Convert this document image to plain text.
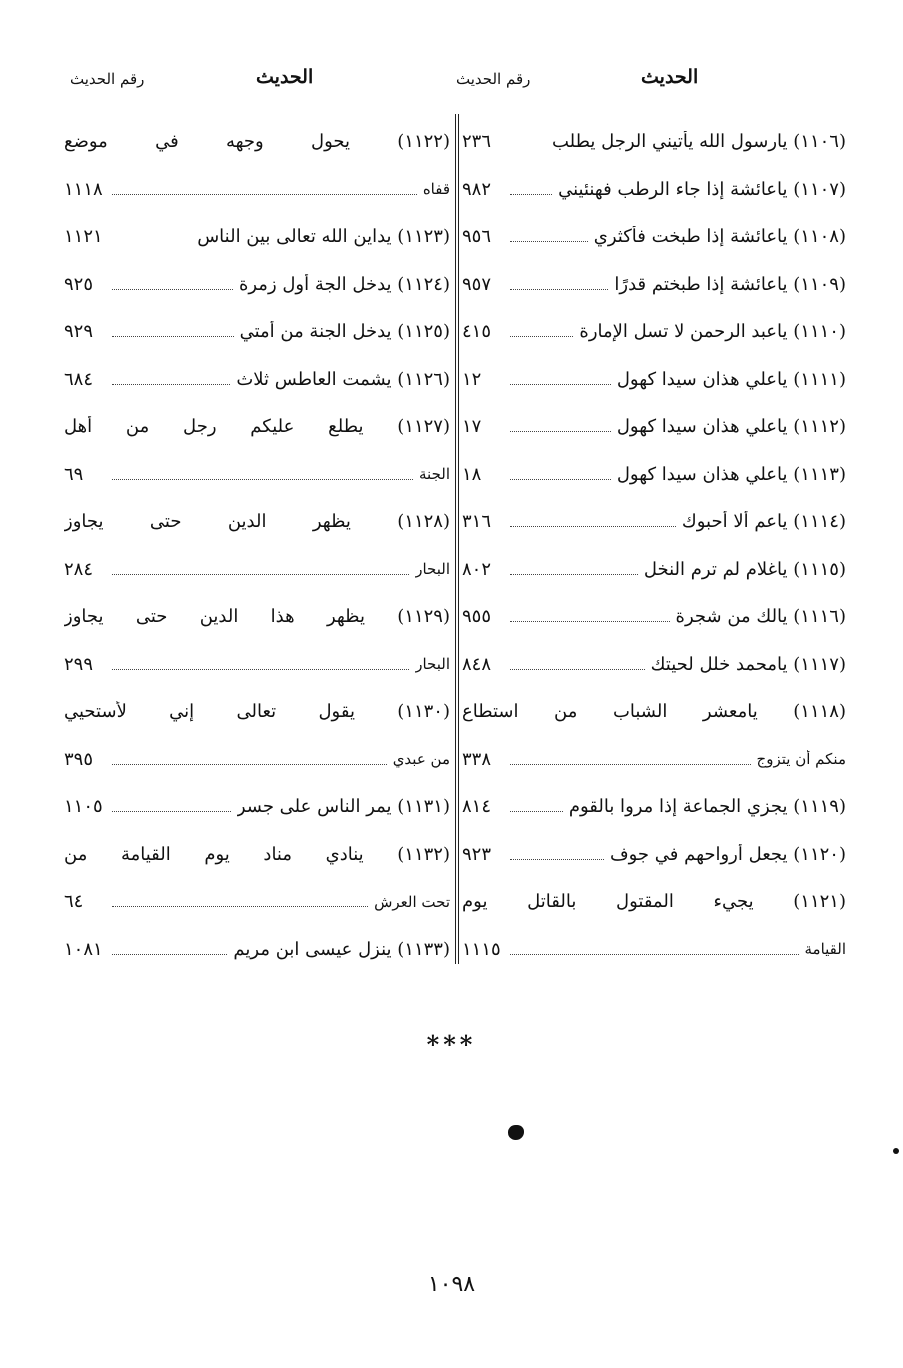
الحديث
رقم الحديث
الحديث
رقم الحديث
(١١٠٦) يارسول الله يأتيني الرجل يطلب
٢٣٦
(١١٠٧) ياعائشة إذا جاء الرطب فهنئيني
٩٨٢
(١١٠٨) ياعائشة إذا طبخت فأكثري
٩٥٦
(١١٠٩) ياعائشة إذا طبختم قدرًا
٩٥٧
(١١١٠) ياعبد الرحمن لا تسل الإمارة
٤١٥
(١١١١) ياعلي هذان سيدا كهول
١٢
(١١١٢) ياعلي هذان سيدا كهول
١٧
(١١١٣) ياعلي هذان سيدا كهول
١٨
(١١١٤) ياعم ألا أحبوك
٣١٦
(١١١٥) ياغلام لم ترم النخل
٨٠٢
(١١١٦) يالك من شجرة
٩٥٥
(١١١٧) يامحمد خلل لحيتك
٨٤٨
(١١١٨) يامعشر الشباب من استطاع
منكم أن يتزوج
٣٣٨
(١١١٩) يجزي الجماعة إذا مروا بالقوم
٨١٤
(١١٢٠) يجعل أرواحهم في جوف
٩٢٣
(١١٢١) يجيء المقتول بالقاتل يوم
القيامة
١١١٥
(١١٢٢) يحول وجهه في موضع
قفاه
١١١٨
(١١٢٣) يداين الله تعالى بين الناس
١١٢١
(١١٢٤) يدخل الجة أول زمرة
٩٢٥
(١١٢٥) يدخل الجنة من أمتي
٩٢٩
(١١٢٦) يشمت العاطس ثلاث
٦٨٤
(١١٢٧) يطلع عليكم رجل من أهل
الجنة
٦٩
(١١٢٨) يظهر الدين حتى يجاوز
البحار
٢٨٤
(١١٢٩) يظهر هذا الدين حتى يجاوز
البحار
٢٩٩
(١١٣٠) يقول تعالى إني لأستحيي
من عبدي
٣٩٥
(١١٣١) يمر الناس على جسر
١١٠٥
(١١٣٢) ينادي مناد يوم القيامة من
تحت العرش
٦٤
(١١٣٣) ينزل عيسى ابن مريم
١٠٨١
***
١٠٩٨
